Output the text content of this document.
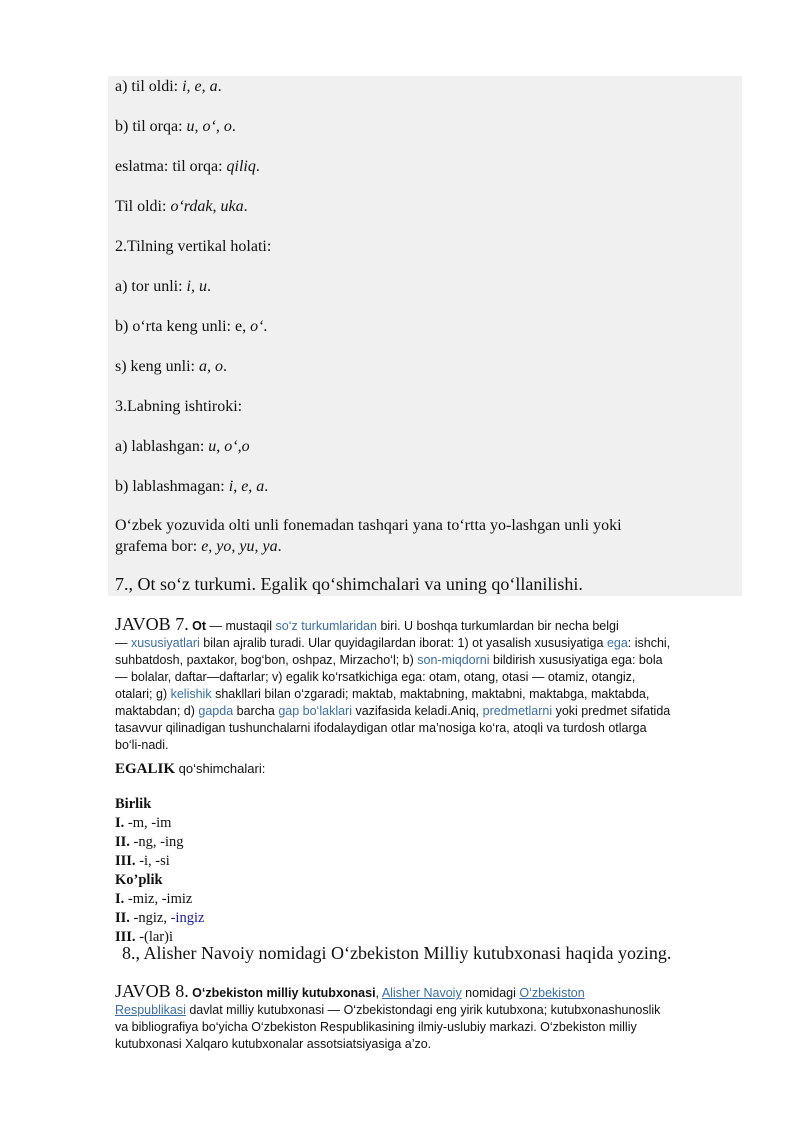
a) til oldi: i, e, a.
b) til orqa: u, o‘, o.
eslatma: til orqa: qiliq.
Til oldi: o‘rdak, uka.
2.Tilning vertikal holati:
a) tor unli: i, u.
b) o‘rta keng unli: e, o‘.
s) keng unli: a, o.
3.Labning ishtiroki:
a) lablashgan: u, o‘,o
b) lablashmagan: i, e, a.
O‘zbek yozuvida olti unli fonemadan tashqari yana to‘rtta yo-lashgan unli yoki
grafema bor: e, yo, yu, ya.
7., Ot so‘z turkumi. Egalik qo‘shimchalari va uning qo‘llanilishi.
JAVOB 7. Ot — mustaqil so‘z turkumlaridan biri. U boshqa turkumlardan bir necha belgi
— xususiyatlari bilan ajralib turadi. Ular quyidagilardan iborat: 1) ot yasalish xususiyatiga ega: ishchi,
suhbatdosh, paxtakor, bog‘bon, oshpaz, Mirzacho‘l; b) son-miqdorni bildirish xususiyatiga ega: bola
— bolalar, daftar—daftarlar; v) egalik ko‘rsatkichiga ega: otam, otang, otasi — otamiz, otangiz,
otalari; g) kelishik shakllari bilan o‘zgaradi; maktab, maktabning, maktabni, maktabga, maktabda,
maktabdan; d) gapda barcha gap bo‘laklari vazifasida keladi.Aniq, predmetlarni yoki predmet sifatida
tasavvur qilinadigan tushunchalarni ifodalaydigan otlar ma’nosiga ko‘ra, atoqli va turdosh otlarga
bo‘li-nadi.
EGALIK qo‘shimchalari:
Birlik
I. -m, -im
II. -ng, -ing
III. -i, -si
Ko’plik
I. -miz, -imiz
II. -ngiz, -ingiz
III. -(lar)i
8., Alisher Navoiy nomidagi O‘zbekiston Milliy kutubxonasi haqida yozing.
JAVOB 8. O‘zbekiston milliy kutubxonasi, Alisher Navoiy nomidagi O‘zbekiston
Respublikasi davlat milliy kutubxonasi — O‘zbekistondagi eng yirik kutubxona; kutubxonashunoslik
va bibliografiya bo‘yicha O‘zbekiston Respublikasining ilmiy-uslubiy markazi. O‘zbekiston milliy
kutubxonasi Xalqaro kutubxonalar assotsiatsiyasiga a’zo.
